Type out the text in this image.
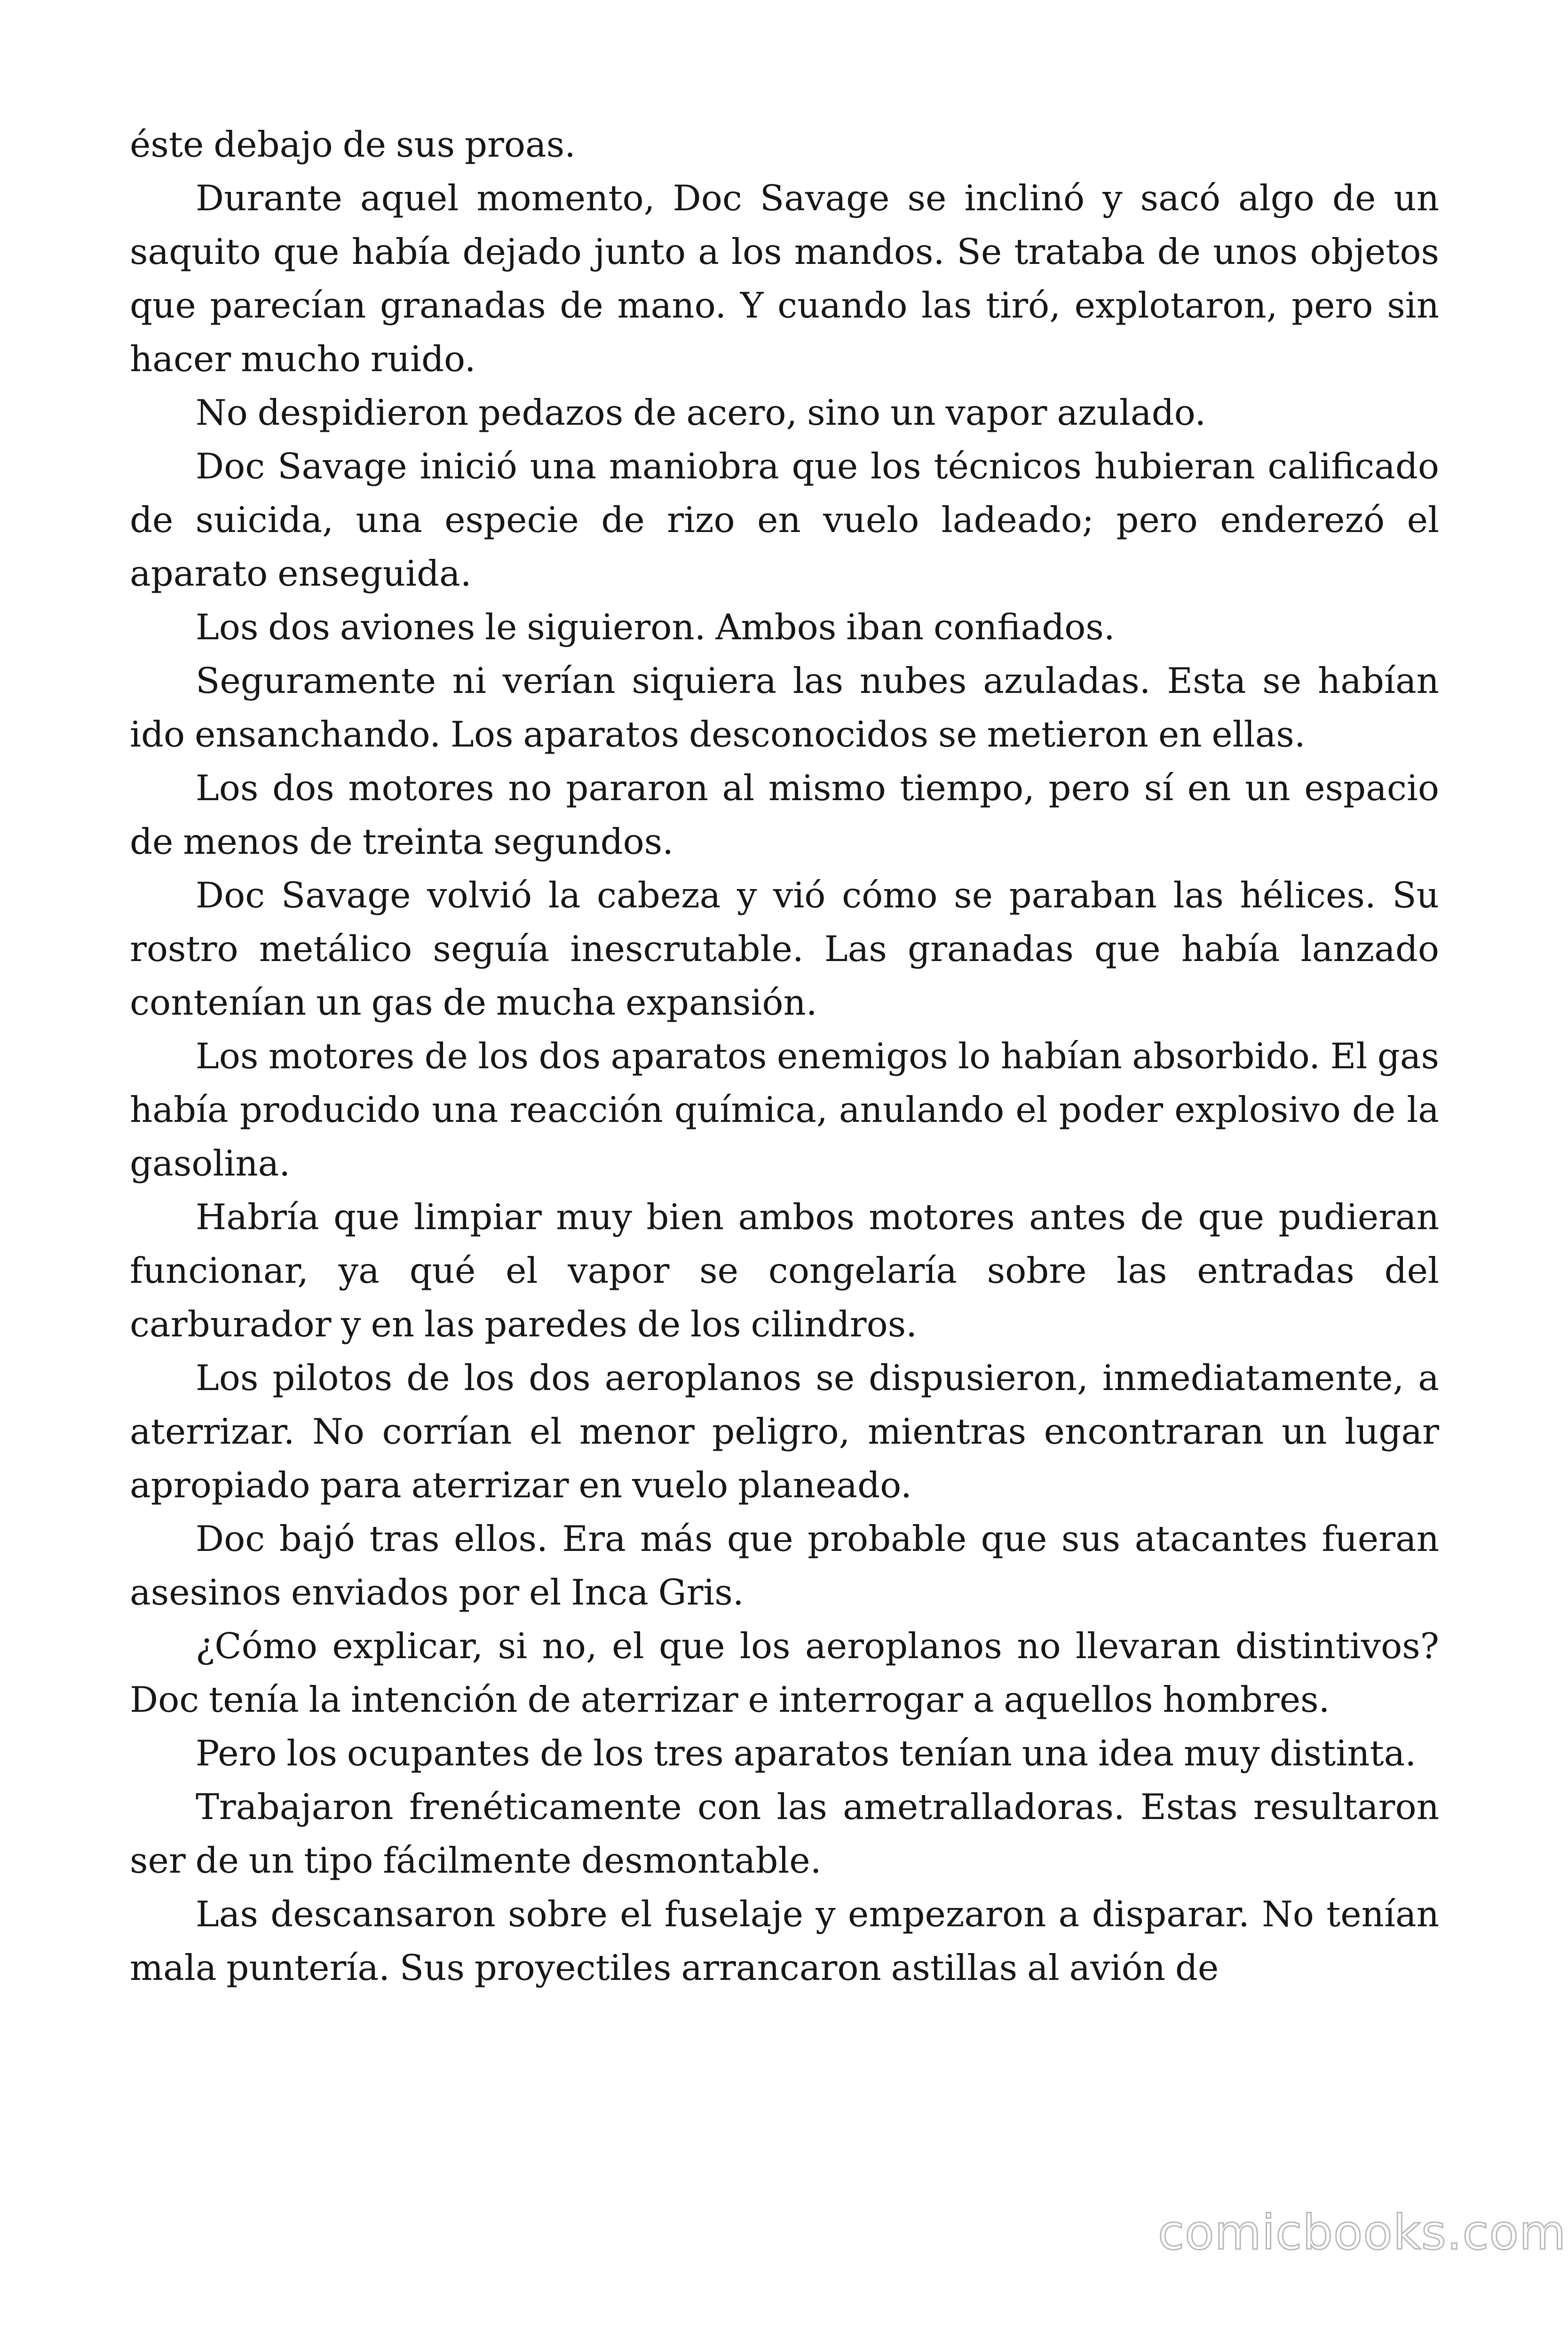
éste debajo de sus proas.

Durante aquel momento, Doc Savage se inclinó y sacó algo de un saquito que había dejado junto a los mandos. Se trataba de unos objetos que parecían granadas de mano. Y cuando las tiró, explotaron, pero sin hacer mucho ruido.

No despidieron pedazos de acero, sino un vapor azulado.

Doc Savage inició una maniobra que los técnicos hubieran calificado de suicida, una especie de rizo en vuelo ladeado; pero enderezó el aparato enseguida.

Los dos aviones le siguieron. Ambos iban confiados.

Seguramente ni verían siquiera las nubes azuladas. Esta se habían ido ensanchando. Los aparatos desconocidos se metieron en ellas.

Los dos motores no pararon al mismo tiempo, pero sí en un espacio de menos de treinta segundos.

Doc Savage volvió la cabeza y vió cómo se paraban las hélices. Su rostro metálico seguía inescrutable. Las granadas que había lanzado contenían un gas de mucha expansión.

Los motores de los dos aparatos enemigos lo habían absorbido. El gas había producido una reacción química, anulando el poder explosivo de la gasolina.

Habría que limpiar muy bien ambos motores antes de que pudieran funcionar, ya qué el vapor se congelaría sobre las entradas del carburador y en las paredes de los cilindros.

Los pilotos de los dos aeroplanos se dispusieron, inmediatamente, a aterrizar. No corrían el menor peligro, mientras encontraran un lugar apropiado para aterrizar en vuelo planeado.

Doc bajó tras ellos. Era más que probable que sus atacantes fueran asesinos enviados por el Inca Gris.

¿Cómo explicar, si no, el que los aeroplanos no llevaran distintivos? Doc tenía la intención de aterrizar e interrogar a aquellos hombres.

Pero los ocupantes de los tres aparatos tenían una idea muy distinta.

Trabajaron frenéticamente con las ametralladoras. Estas resultaron ser de un tipo fácilmente desmontable.

Las descansaron sobre el fuselaje y empezaron a disparar. No tenían mala puntería. Sus proyectiles arrancaron astillas al avión de

comicbooks.com
